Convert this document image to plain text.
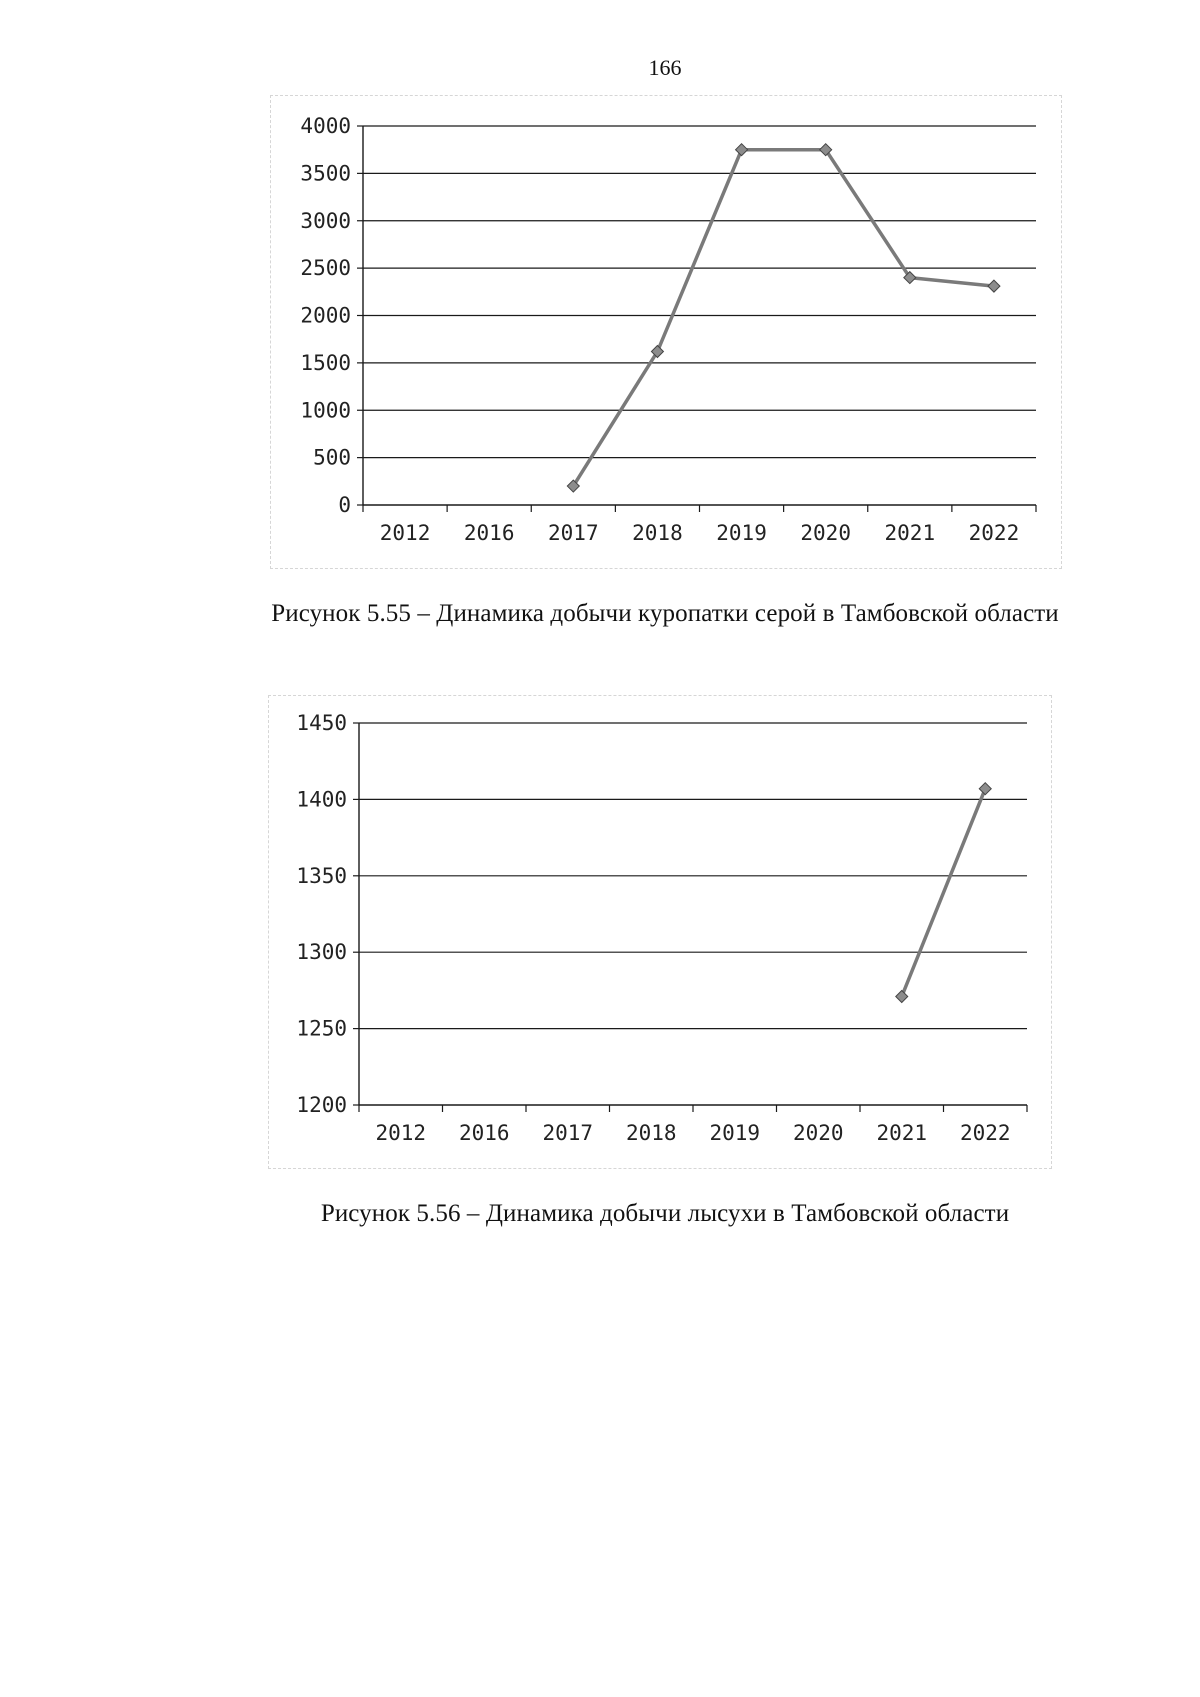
166
0
500
1000
1500
2000
2500
3000
3500
4000
2012 2016 2017 2018 2019 2020 2021 2022
Рисунок 5.55 – Динамика добычи куропатки серой в Тамбовской области
1200
1250
1300
1350
1400
1450
2012 2016 2017 2018 2019 2020 2021 2022
Рисунок 5.56 – Динамика добычи лысухи в Тамбовской области
